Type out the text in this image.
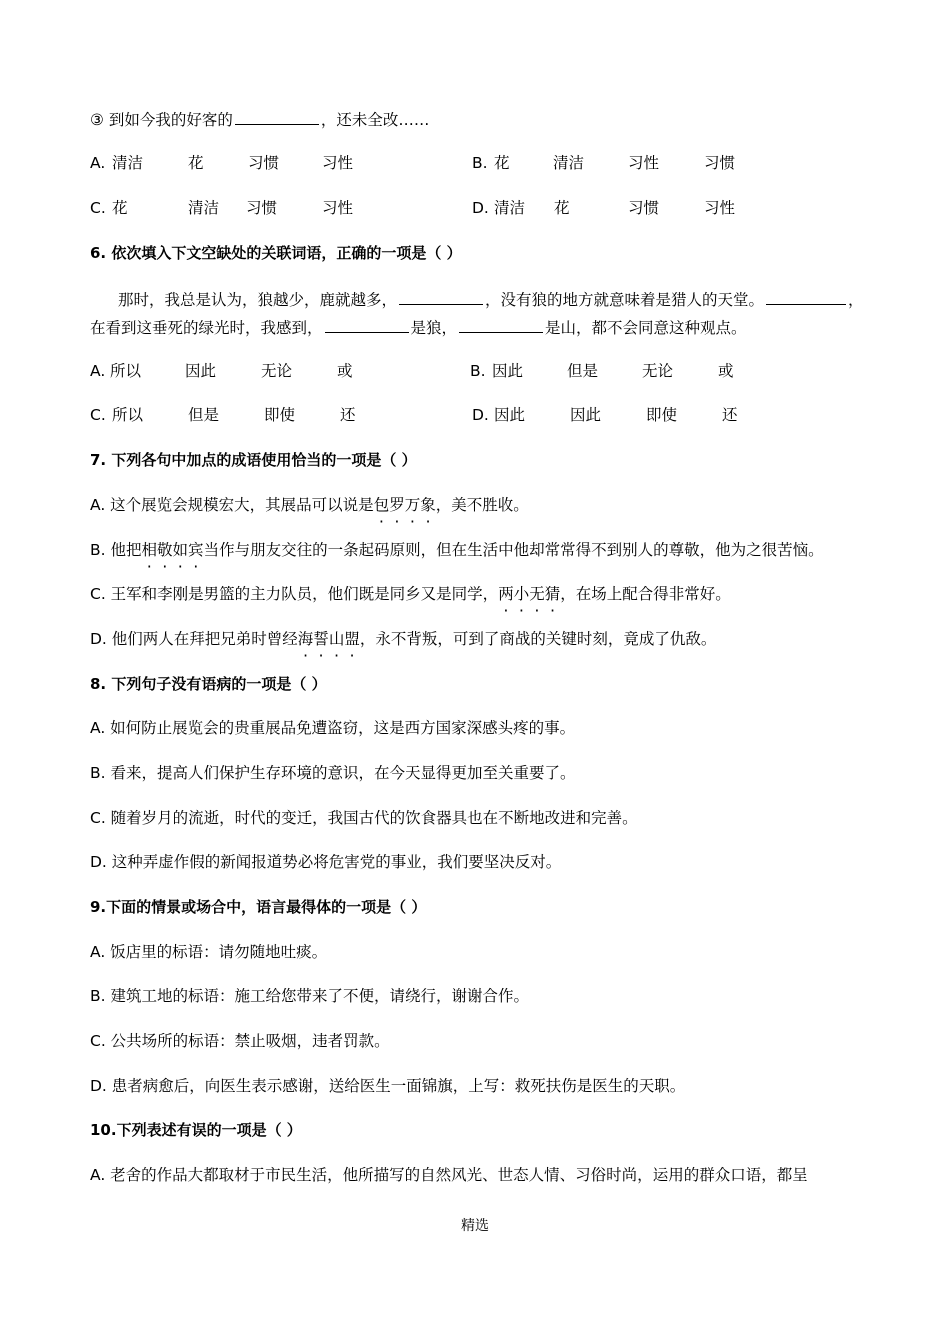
③ 到如今我的好客的	，还未全改……
A. 清洁	花	习惯	习性	B. 花	清洁	习性	习惯
C. 花	清洁 习惯	习性	D. 清洁 花	习惯	习性
6. 依次填入下文空缺处的关联词语，正确的一项是（ ）
那时，我总是认为，狼越少，鹿就越多，	，没有狼的地方就意味着是猎人的天堂。	，
在看到这垂死的绿光时，我感到，	是狼，	是山，都不会同意这种观点。
A. 所以	因此	无论	或	B. 因此	但是	无论	或
C. 所以	但是	即使	还	D. 因此	因此	即使	还
7. 下列各句中加点的成语使用恰当的一项是（ ）
A. 这个展览会规模宏大，其展品可以说是包罗万象，美不胜收。
B. 他把相敬如宾当作与朋友交往的一条起码原则，但在生活中他却常常得不到别人的尊敬，他为之很苦恼。
C. 王军和李刚是男篮的主力队员，他们既是同乡又是同学，两小无猜，在场上配合得非常好。
D. 他们两人在拜把兄弟时曾经海誓山盟，永不背叛，可到了商战的关键时刻，竟成了仇敌。
8. 下列句子没有语病的一项是（ ）
A. 如何防止展览会的贵重展品免遭盗窃，这是西方国家深感头疼的事。
B. 看来，提高人们保护生存环境的意识，在今天显得更加至关重要了。
C. 随着岁月的流逝，时代的变迁，我国古代的饮食器具也在不断地改进和完善。
D. 这种弄虚作假的新闻报道势必将危害党的事业，我们要坚决反对。
9.下面的情景或场合中，语言最得体的一项是（ ）
A. 饭店里的标语：请勿随地吐痰。
B. 建筑工地的标语：施工给您带来了不便，请绕行，谢谢合作。
C. 公共场所的标语：禁止吸烟，违者罚款。
D. 患者病愈后，向医生表示感谢，送给医生一面锦旗，上写：救死扶伤是医生的天职。
10.下列表述有误的一项是（ ）
A. 老舍的作品大都取材于市民生活，他所描写的自然风光、世态人情、习俗时尚，运用的群众口语，都呈
精选
